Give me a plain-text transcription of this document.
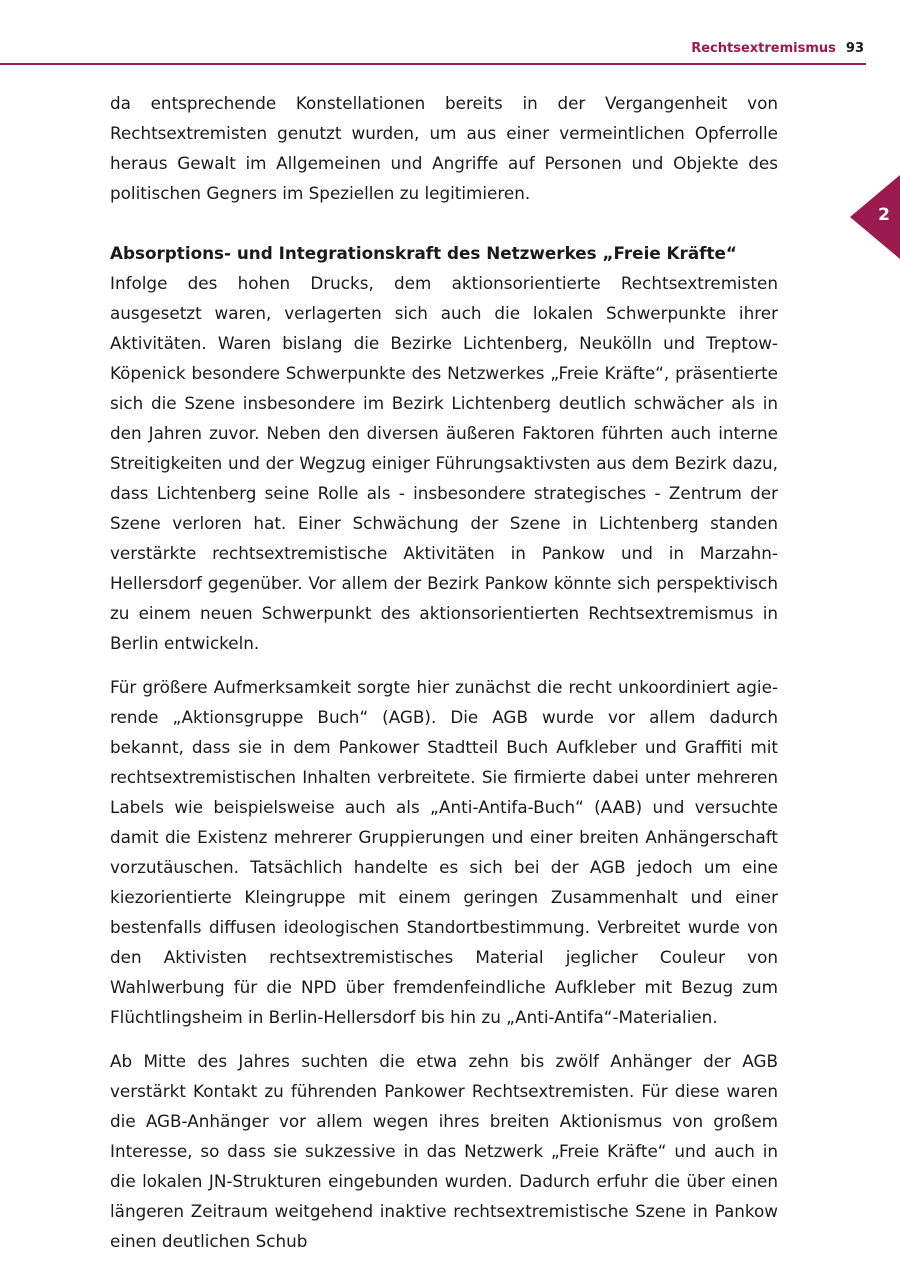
Rechtsextremismus 93
2

da entsprechende Konstellationen bereits in der Vergangenheit von Rechtsextremisten genutzt wurden, um aus einer vermeintlichen Opferrolle heraus Gewalt im Allgemeinen und Angriffe auf Personen und Objekte des politischen Gegners im Speziellen zu legitimieren.

Absorptions- und Integrationskraft des Netzwerkes „Freie Kräfte“

Infolge des hohen Drucks, dem aktionsorientierte Rechtsextremisten ausgesetzt waren, verlagerten sich auch die lokalen Schwerpunkte ihrer Aktivitäten. Waren bislang die Bezirke Lichtenberg, Neukölln und Treptow-Köpenick besondere Schwerpunkte des Netzwerkes „Freie Kräfte“, präsentierte sich die Szene insbesondere im Bezirk Lichtenberg deutlich schwächer als in den Jahren zuvor. Neben den diversen äußeren Faktoren führten auch interne Streitigkeiten und der Wegzug einiger Führungsaktivsten aus dem Bezirk dazu, dass Lichtenberg seine Rolle als - insbesondere strategisches - Zentrum der Szene verloren hat. Einer Schwächung der Szene in Lichtenberg standen verstärkte rechtsextremistische Aktivitäten in Pankow und in Marzahn-Hellersdorf gegenüber. Vor allem der Bezirk Pankow könnte sich perspektivisch zu einem neuen Schwerpunkt des aktionsorientierten Rechtsextremismus in Berlin entwickeln.

Für größere Aufmerksamkeit sorgte hier zunächst die recht unkoordiniert agierende „Aktionsgruppe Buch“ (AGB). Die AGB wurde vor allem dadurch bekannt, dass sie in dem Pankower Stadtteil Buch Aufkleber und Graffiti mit rechtsextremistischen Inhalten verbreitete. Sie firmierte dabei unter mehreren Labels wie beispielsweise auch als „Anti-Antifa-Buch“ (AAB) und versuchte damit die Existenz mehrerer Gruppierungen und einer breiten Anhängerschaft vorzutäuschen. Tatsächlich handelte es sich bei der AGB jedoch um eine kiezorientierte Kleingruppe mit einem geringen Zusammenhalt und einer bestenfalls diffusen ideologischen Standortbestimmung. Verbreitet wurde von den Aktivisten rechtsextremistisches Material jeglicher Couleur von Wahlwerbung für die NPD über fremdenfeindliche Aufkleber mit Bezug zum Flüchtlingsheim in Berlin-Hellersdorf bis hin zu „Anti-Antifa“-Materialien.

Ab Mitte des Jahres suchten die etwa zehn bis zwölf Anhänger der AGB verstärkt Kontakt zu führenden Pankower Rechtsextremisten. Für diese waren die AGB-Anhänger vor allem wegen ihres breiten Aktionismus von großem Interesse, so dass sie sukzessive in das Netzwerk „Freie Kräfte“ und auch in die lokalen JN-Strukturen eingebunden wurden. Dadurch erfuhr die über einen längeren Zeitraum weitgehend inaktive rechtsextremistische Szene in Pankow einen deutlichen Schub
